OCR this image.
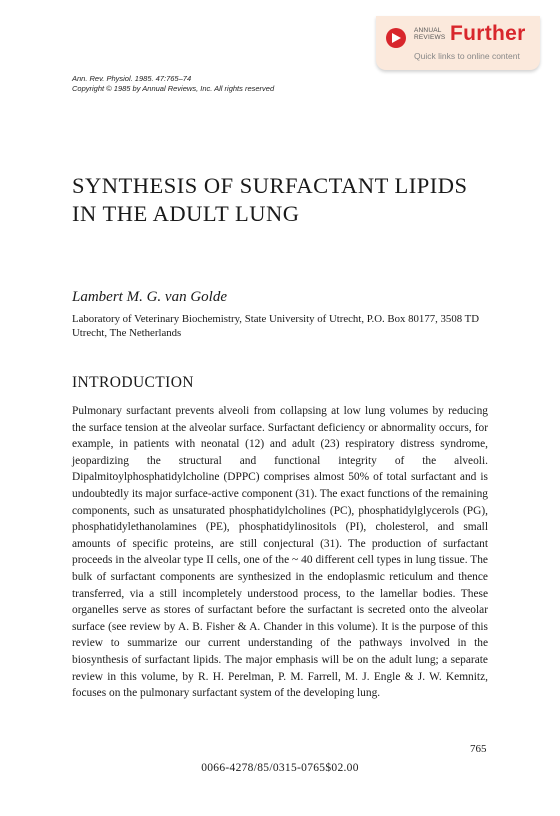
ANNUAL REVIEWS Further
Quick links to online content
Ann. Rev. Physiol. 1985. 47:765–74
Copyright © 1985 by Annual Reviews, Inc. All rights reserved
SYNTHESIS OF SURFACTANT LIPIDS IN THE ADULT LUNG
Lambert M. G. van Golde
Laboratory of Veterinary Biochemistry, State University of Utrecht, P.O. Box 80177, 3508 TD Utrecht, The Netherlands
INTRODUCTION

Pulmonary surfactant prevents alveoli from collapsing at low lung volumes by reducing the surface tension at the alveolar surface. Surfactant deficiency or abnormality occurs, for example, in patients with neonatal (12) and adult (23) respiratory distress syndrome, jeopardizing the structural and functional integrity of the alveoli. Dipalmitoylphosphatidylcholine (DPPC) comprises almost 50% of total surfactant and is undoubtedly its major surface-active component (31). The exact functions of the remaining components, such as unsaturated phosphatidylcholines (PC), phosphatidylglycerols (PG), phosphatidylethanolamines (PE), phosphatidylinositols (PI), cholesterol, and small amounts of specific proteins, are still conjectural (31). The production of surfactant proceeds in the alveolar type II cells, one of the ~ 40 different cell types in lung tissue. The bulk of surfactant components are synthesized in the endoplasmic reticulum and thence transferred, via a still incompletely understood process, to the lamellar bodies. These organelles serve as stores of surfactant before the surfactant is secreted onto the alveolar surface (see review by A. B. Fisher & A. Chander in this volume). It is the purpose of this review to summarize our current understanding of the pathways involved in the biosynthesis of surfactant lipids. The major emphasis will be on the adult lung; a separate review in this volume, by R. H. Perelman, P. M. Farrell, M. J. Engle & J. W. Kemnitz, focuses on the pulmonary surfactant system of the developing lung.

765
0066-4278/85/0315-0765$02.00
